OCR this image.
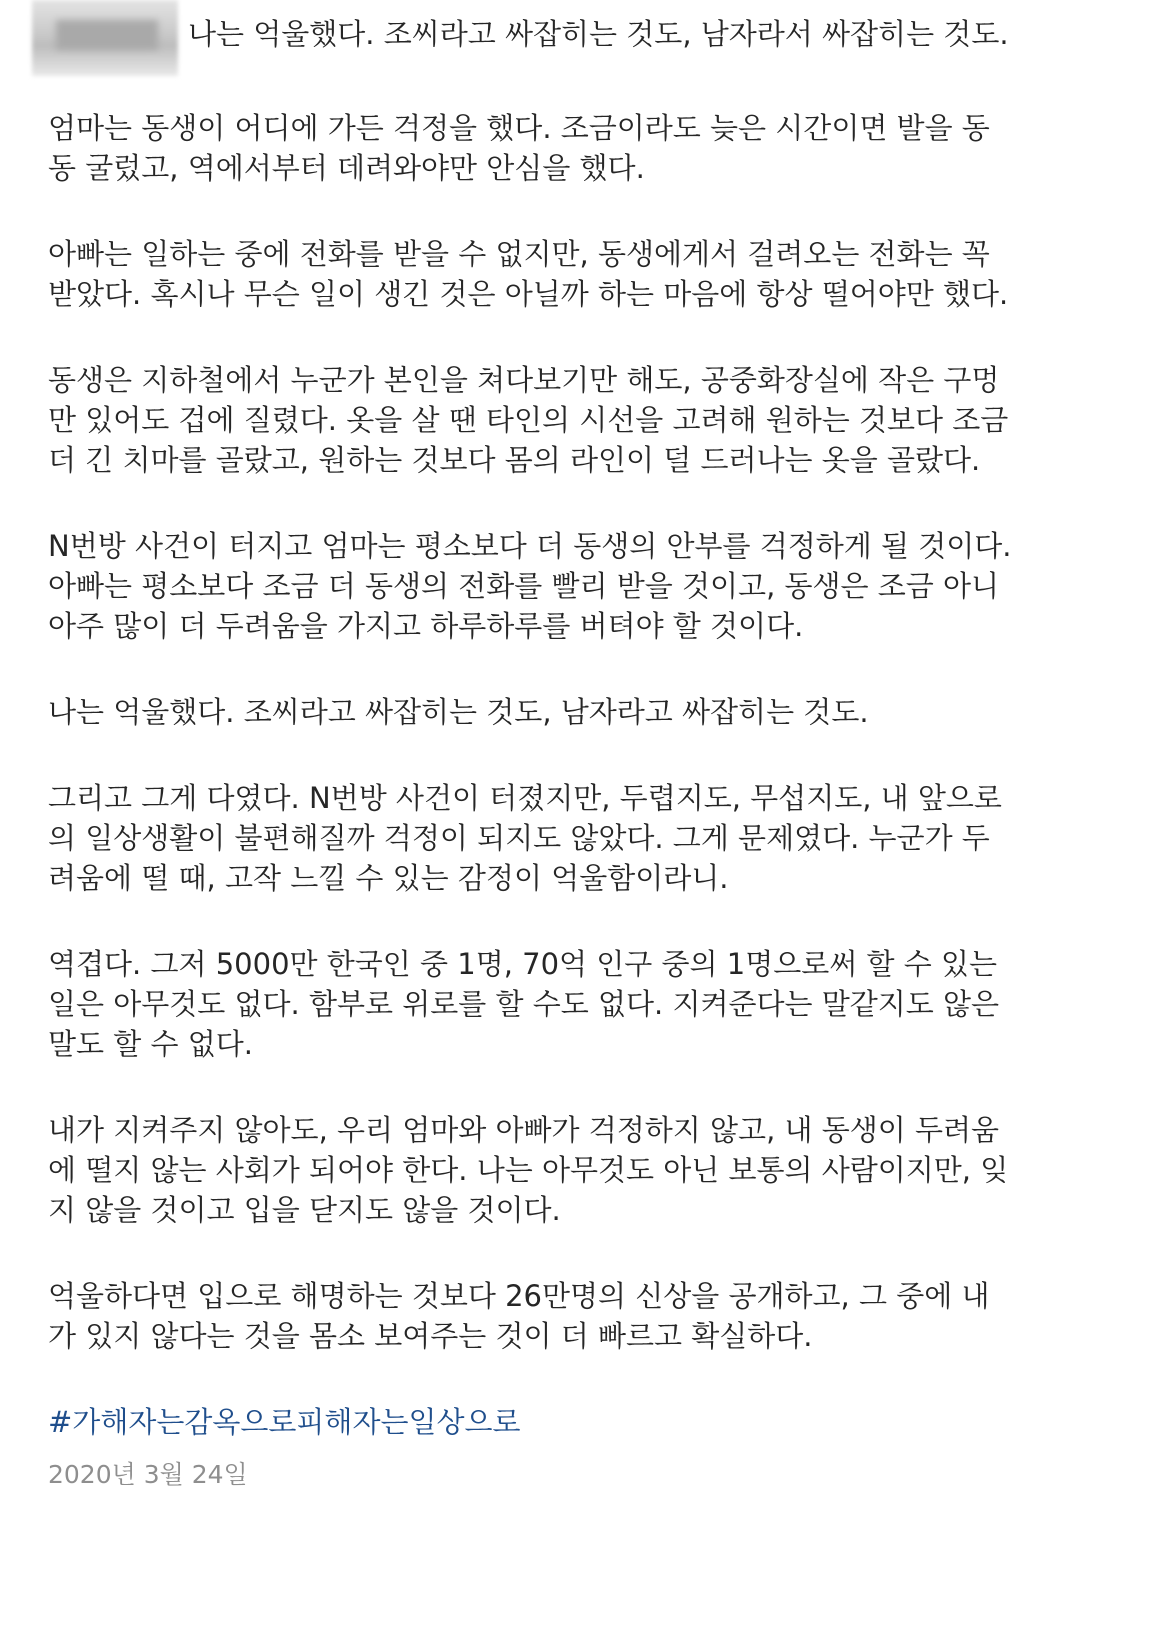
나는 억울했다. 조씨라고 싸잡히는 것도, 남자라서 싸잡히는 것도.

엄마는 동생이 어디에 가든 걱정을 했다. 조금이라도 늦은 시간이면 발을 동
동 굴렀고, 역에서부터 데려와야만 안심을 했다.

아빠는 일하는 중에 전화를 받을 수 없지만, 동생에게서 걸려오는 전화는 꼭
받았다. 혹시나 무슨 일이 생긴 것은 아닐까 하는 마음에 항상 떨어야만 했다.

동생은 지하철에서 누군가 본인을 쳐다보기만 해도, 공중화장실에 작은 구멍
만 있어도 겁에 질렸다. 옷을 살 땐 타인의 시선을 고려해 원하는 것보다 조금
더 긴 치마를 골랐고, 원하는 것보다 몸의 라인이 덜 드러나는 옷을 골랐다.

N번방 사건이 터지고 엄마는 평소보다 더 동생의 안부를 걱정하게 될 것이다.
아빠는 평소보다 조금 더 동생의 전화를 빨리 받을 것이고, 동생은 조금 아니
아주 많이 더 두려움을 가지고 하루하루를 버텨야 할 것이다.

나는 억울했다. 조씨라고 싸잡히는 것도, 남자라고 싸잡히는 것도.

그리고 그게 다였다. N번방 사건이 터졌지만, 두렵지도, 무섭지도, 내 앞으로
의 일상생활이 불편해질까 걱정이 되지도 않았다. 그게 문제였다. 누군가 두
려움에 떨 때, 고작 느낄 수 있는 감정이 억울함이라니.

역겹다. 그저 5000만 한국인 중 1명, 70억 인구 중의 1명으로써 할 수 있는
일은 아무것도 없다. 함부로 위로를 할 수도 없다. 지켜준다는 말같지도 않은
말도 할 수 없다.

내가 지켜주지 않아도, 우리 엄마와 아빠가 걱정하지 않고, 내 동생이 두려움
에 떨지 않는 사회가 되어야 한다. 나는 아무것도 아닌 보통의 사람이지만, 잊
지 않을 것이고 입을 닫지도 않을 것이다.

억울하다면 입으로 해명하는 것보다 26만명의 신상을 공개하고, 그 중에 내
가 있지 않다는 것을 몸소 보여주는 것이 더 빠르고 확실하다.

#가해자는감옥으로피해자는일상으로
2020년 3월 24일
